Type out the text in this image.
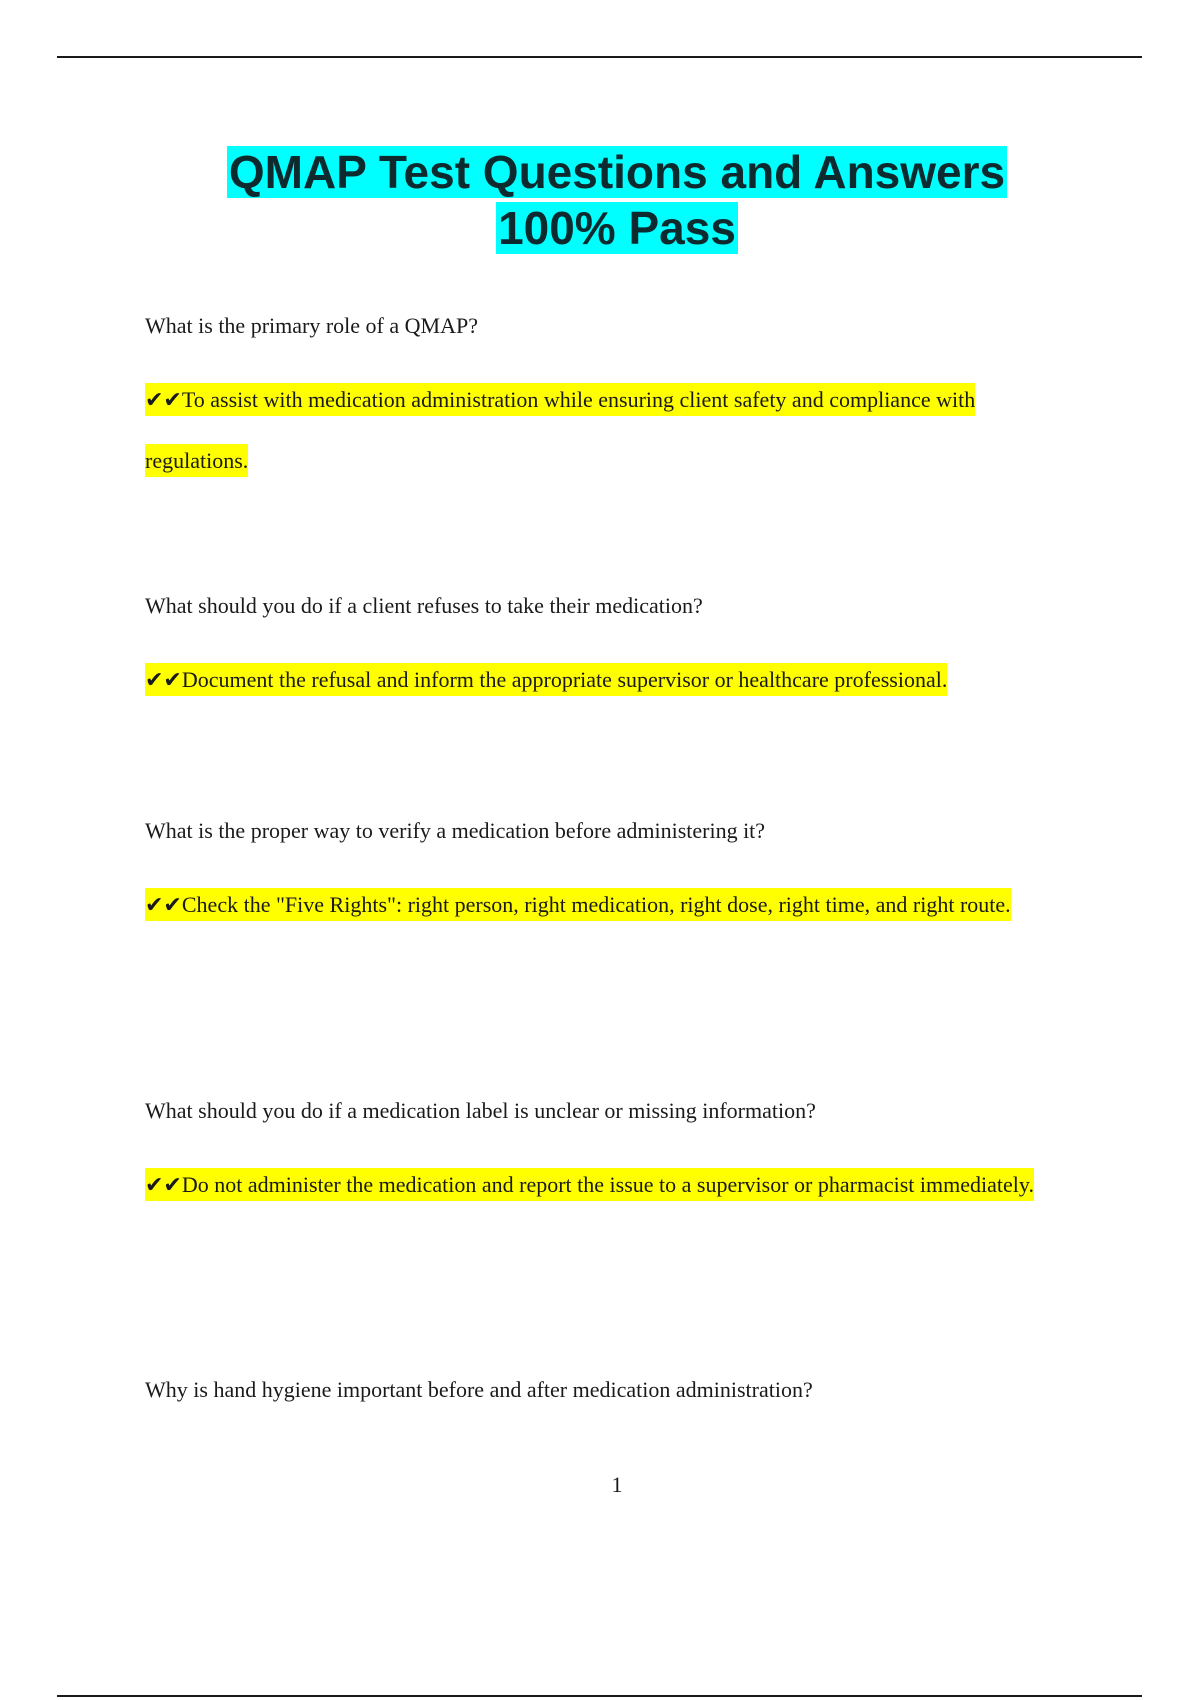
QMAP Test Questions and Answers
100% Pass

What is the primary role of a QMAP?

✔✔To assist with medication administration while ensuring client safety and compliance with regulations.

What should you do if a client refuses to take their medication?

✔✔Document the refusal and inform the appropriate supervisor or healthcare professional.

What is the proper way to verify a medication before administering it?

✔✔Check the "Five Rights": right person, right medication, right dose, right time, and right route.

What should you do if a medication label is unclear or missing information?

✔✔Do not administer the medication and report the issue to a supervisor or pharmacist immediately.

Why is hand hygiene important before and after medication administration?

1
